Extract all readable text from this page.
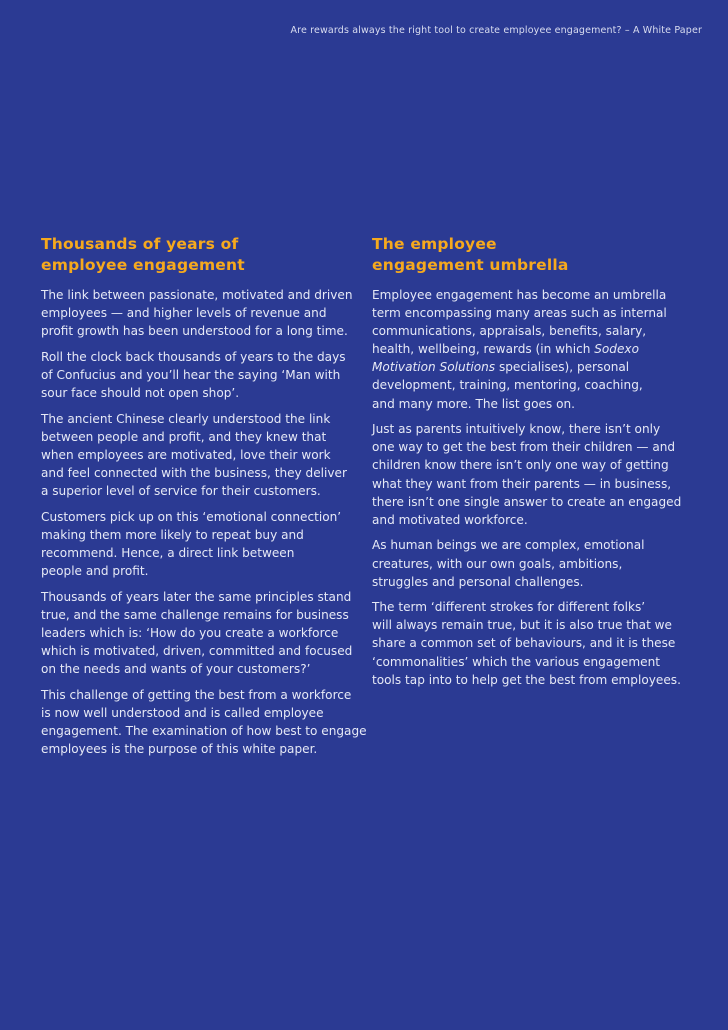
Are rewards always the right tool to create employee engagement? – A White Paper
Thousands of years of
employee engagement

The link between passionate, motivated and driven
employees — and higher levels of revenue and
profit growth has been understood for a long time.

Roll the clock back thousands of years to the days
of Confucius and you’ll hear the saying ‘Man with
sour face should not open shop’.

The ancient Chinese clearly understood the link
between people and profit, and they knew that
when employees are motivated, love their work
and feel connected with the business, they deliver
a superior level of service for their customers.

Customers pick up on this ‘emotional connection’
making them more likely to repeat buy and
recommend. Hence, a direct link between
people and profit.

Thousands of years later the same principles stand
true, and the same challenge remains for business
leaders which is: ‘How do you create a workforce
which is motivated, driven, committed and focused
on the needs and wants of your customers?’

This challenge of getting the best from a workforce
is now well understood and is called employee
engagement. The examination of how best to engage
employees is the purpose of this white paper.

The employee
engagement umbrella

Employee engagement has become an umbrella
term encompassing many areas such as internal
communications, appraisals, benefits, salary,
health, wellbeing, rewards (in which Sodexo
Motivation Solutions specialises), personal
development, training, mentoring, coaching,
and many more. The list goes on.

Just as parents intuitively know, there isn’t only
one way to get the best from their children — and
children know there isn’t only one way of getting
what they want from their parents — in business,
there isn’t one single answer to create an engaged
and motivated workforce.

As human beings we are complex, emotional
creatures, with our own goals, ambitions,
struggles and personal challenges.

The term ‘different strokes for different folks’
will always remain true, but it is also true that we
share a common set of behaviours, and it is these
‘commonalities’ which the various engagement
tools tap into to help get the best from employees.
